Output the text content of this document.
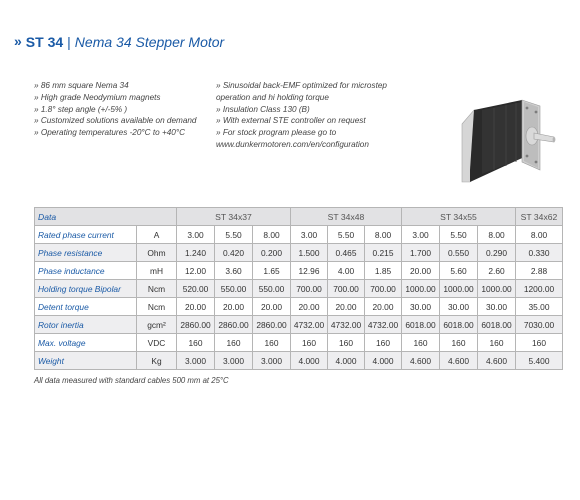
» ST 34 | Nema 34 Stepper Motor
» 86 mm square Nema 34
» High grade Neodymium magnets
» 1.8° step angle (+/-5% )
» Customized solutions available on demand
» Operating temperatures -20°C to +40°C
» Sinusoidal back-EMF optimized for microstep
operation and hi holding torque
» Insulation Class 130 (B)
» With external STE controller on request
» For stock program please go to
www.dunkermotoren.com/en/configuration
Data		ST 34x37			ST 34x48			ST 34x55			ST 34x62
Rated phase current	A	3.00	5.50	8.00	3.00	5.50	8.00	3.00	5.50	8.00	8.00
Phase resistance	Ohm	1.240	0.420	0.200	1.500	0.465	0.215	1.700	0.550	0.290	0.330
Phase inductance	mH	12.00	3.60	1.65	12.96	4.00	1.85	20.00	5.60	2.60	2.88
Holding torque Bipolar	Ncm	520.00	550.00	550.00	700.00	700.00	700.00	1000.00	1000.00	1000.00	1200.00
Detent torque	Ncm	20.00	20.00	20.00	20.00	20.00	20.00	30.00	30.00	30.00	35.00
Rotor inertia	gcm²	2860.00	2860.00	2860.00	4732.00	4732.00	4732.00	6018.00	6018.00	6018.00	7030.00
Max. voltage	VDC	160	160	160	160	160	160	160	160	160	160
Weight	Kg	3.000	3.000	3.000	4.000	4.000	4.000	4.600	4.600	4.600	5.400
All data measured with standard cables 500 mm at 25°C
